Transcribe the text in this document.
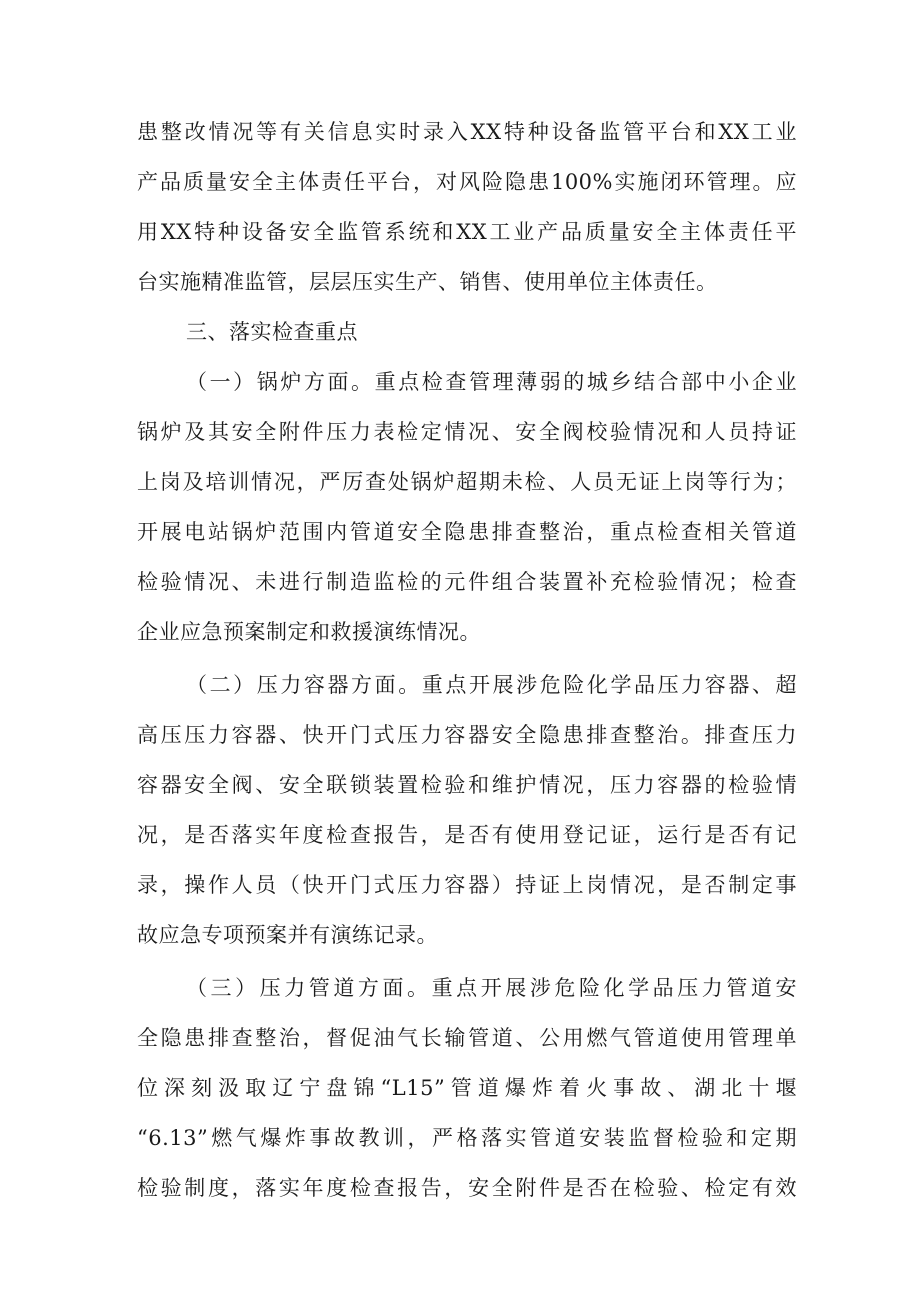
患整改情况等有关信息实时录入XX特种设备监管平台和XX工业
产品质量安全主体责任平台，对风险隐患100%实施闭环管理。应
用XX特种设备安全监管系统和XX工业产品质量安全主体责任平
台实施精准监管，层层压实生产、销售、使用单位主体责任。
三、落实检查重点
（一）锅炉方面。重点检查管理薄弱的城乡结合部中小企业
锅炉及其安全附件压力表检定情况、安全阀校验情况和人员持证
上岗及培训情况，严厉查处锅炉超期未检、人员无证上岗等行为；
开展电站锅炉范围内管道安全隐患排查整治，重点检查相关管道
检验情况、未进行制造监检的元件组合装置补充检验情况；检查
企业应急预案制定和救援演练情况。
（二）压力容器方面。重点开展涉危险化学品压力容器、超
高压压力容器、快开门式压力容器安全隐患排查整治。排查压力
容器安全阀、安全联锁装置检验和维护情况，压力容器的检验情
况，是否落实年度检查报告，是否有使用登记证，运行是否有记
录，操作人员（快开门式压力容器）持证上岗情况，是否制定事
故应急专项预案并有演练记录。
（三）压力管道方面。重点开展涉危险化学品压力管道安
全隐患排查整治，督促油气长输管道、公用燃气管道使用管理单
位深刻汲取辽宁盘锦“L15”管道爆炸着火事故、湖北十堰
“6.13”燃气爆炸事故教训，严格落实管道安装监督检验和定期
检验制度，落实年度检查报告，安全附件是否在检验、检定有效
